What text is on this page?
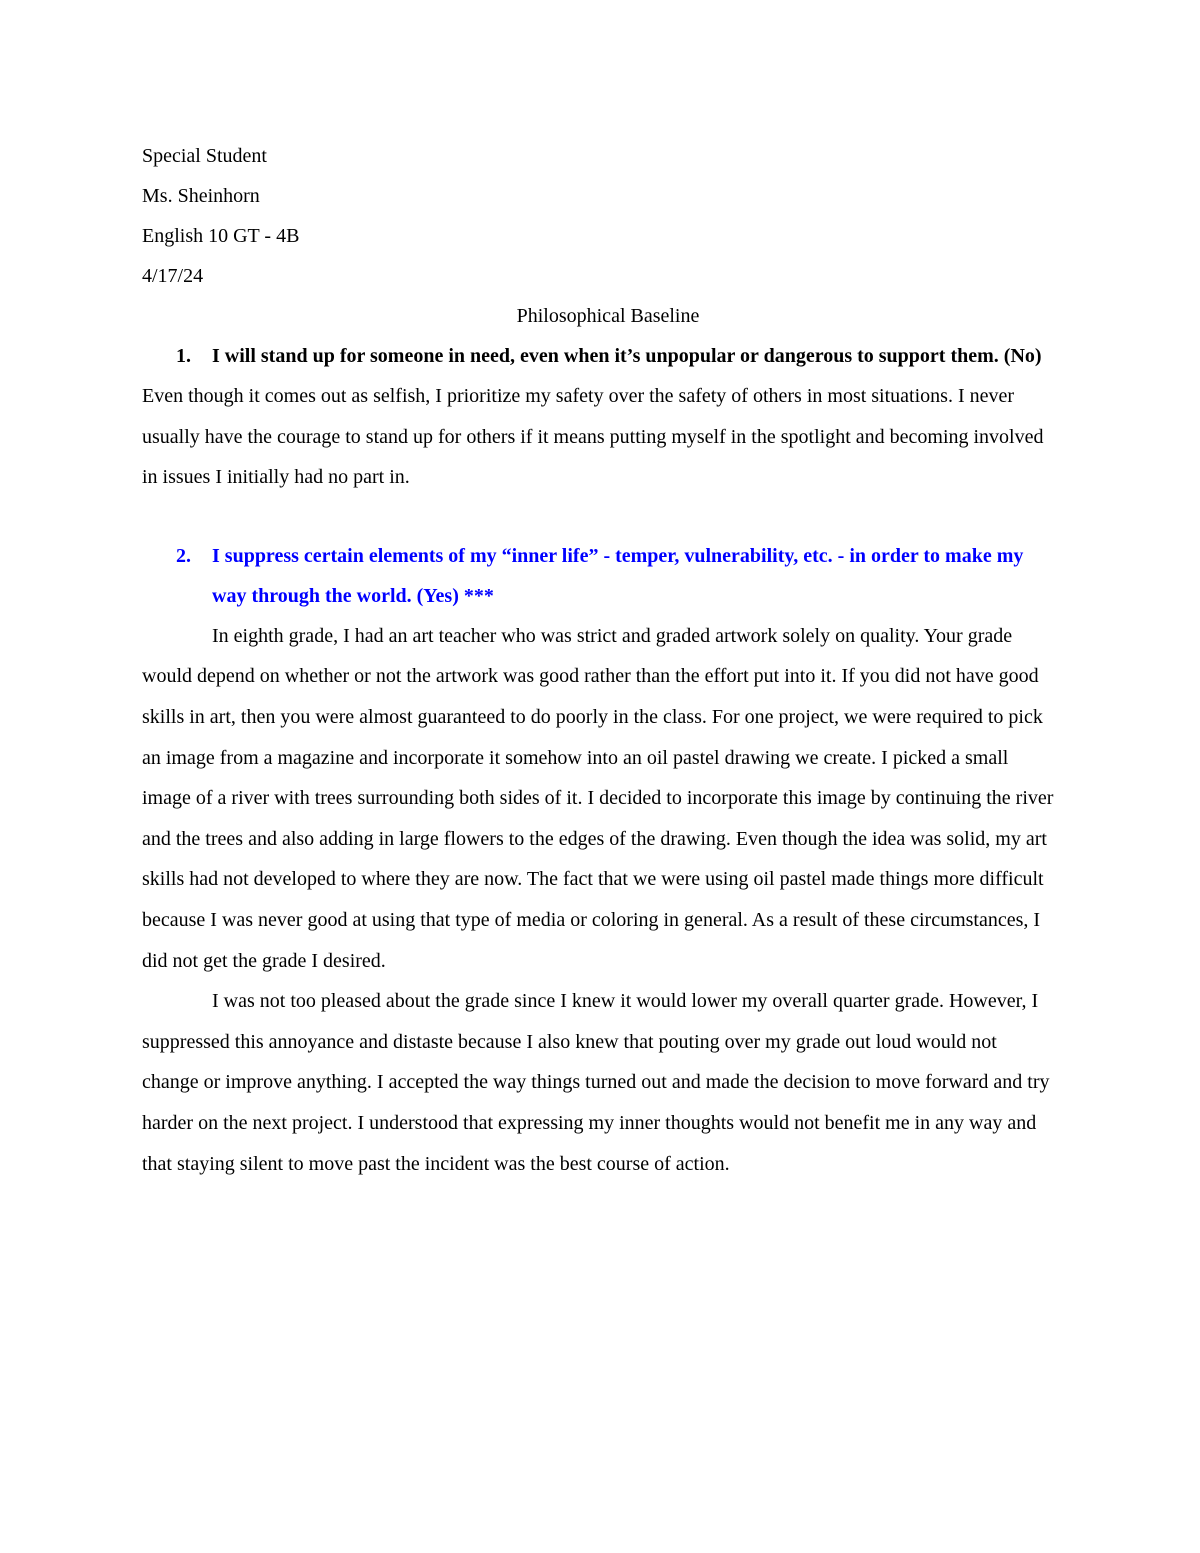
Special Student
Ms. Sheinhorn
English 10 GT - 4B
4/17/24
Philosophical Baseline
1. I will stand up for someone in need, even when it’s unpopular or dangerous to support them. (No)

Even though it comes out as selfish, I prioritize my safety over the safety of others in most situations. I never usually have the courage to stand up for others if it means putting myself in the spotlight and becoming involved in issues I initially had no part in.

2. I suppress certain elements of my “inner life” - temper, vulnerability, etc. - in order to make my way through the world. (Yes) ***

In eighth grade, I had an art teacher who was strict and graded artwork solely on quality. Your grade would depend on whether or not the artwork was good rather than the effort put into it. If you did not have good skills in art, then you were almost guaranteed to do poorly in the class. For one project, we were required to pick an image from a magazine and incorporate it somehow into an oil pastel drawing we create. I picked a small image of a river with trees surrounding both sides of it. I decided to incorporate this image by continuing the river and the trees and also adding in large flowers to the edges of the drawing. Even though the idea was solid, my art skills had not developed to where they are now. The fact that we were using oil pastel made things more difficult because I was never good at using that type of media or coloring in general. As a result of these circumstances, I did not get the grade I desired.

I was not too pleased about the grade since I knew it would lower my overall quarter grade. However, I suppressed this annoyance and distaste because I also knew that pouting over my grade out loud would not change or improve anything. I accepted the way things turned out and made the decision to move forward and try harder on the next project. I understood that expressing my inner thoughts would not benefit me in any way and that staying silent to move past the incident was the best course of action.
